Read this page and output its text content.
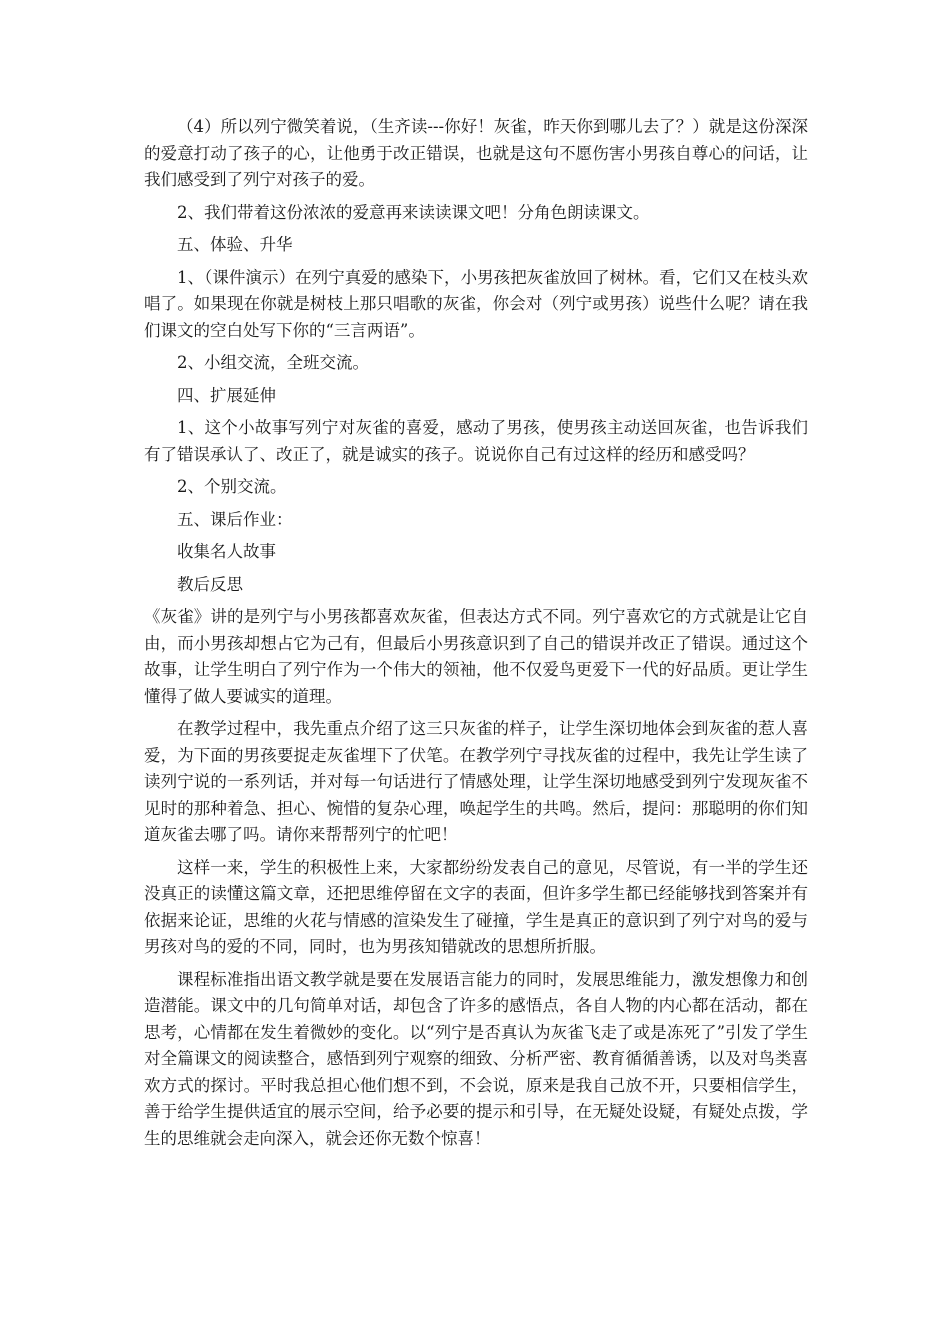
（4）所以列宁微笑着说，（生齐读---你好！灰雀，昨天你到哪儿去了？）就是这份深深的爱意打动了孩子的心，让他勇于改正错误，也就是这句不愿伤害小男孩自尊心的问话，让我们感受到了列宁对孩子的爱。

2、我们带着这份浓浓的爱意再来读读课文吧！分角色朗读课文。

五、体验、升华

1、（课件演示）在列宁真爱的感染下，小男孩把灰雀放回了树林。看，它们又在枝头欢唱了。如果现在你就是树枝上那只唱歌的灰雀，你会对（列宁或男孩）说些什么呢？请在我们课文的空白处写下你的“三言两语”。

2、小组交流，全班交流。

四、扩展延伸

1、这个小故事写列宁对灰雀的喜爱，感动了男孩，使男孩主动送回灰雀，也告诉我们有了错误承认了、改正了，就是诚实的孩子。说说你自己有过这样的经历和感受吗？

2、个别交流。

五、课后作业：

收集名人故事

教后反思

《灰雀》讲的是列宁与小男孩都喜欢灰雀，但表达方式不同。列宁喜欢它的方式就是让它自由，而小男孩却想占它为己有，但最后小男孩意识到了自己的错误并改正了错误。通过这个故事，让学生明白了列宁作为一个伟大的领袖，他不仅爱鸟更爱下一代的好品质。更让学生懂得了做人要诚实的道理。

在教学过程中，我先重点介绍了这三只灰雀的样子，让学生深切地体会到灰雀的惹人喜爱，为下面的男孩要捉走灰雀埋下了伏笔。在教学列宁寻找灰雀的过程中，我先让学生读了读列宁说的一系列话，并对每一句话进行了情感处理，让学生深切地感受到列宁发现灰雀不见时的那种着急、担心、惋惜的复杂心理，唤起学生的共鸣。然后，提问：那聪明的你们知道灰雀去哪了吗。请你来帮帮列宁的忙吧！

这样一来，学生的积极性上来，大家都纷纷发表自己的意见，尽管说，有一半的学生还没真正的读懂这篇文章，还把思维停留在文字的表面，但许多学生都已经能够找到答案并有依据来论证，思维的火花与情感的渲染发生了碰撞，学生是真正的意识到了列宁对鸟的爱与男孩对鸟的爱的不同，同时，也为男孩知错就改的思想所折服。

课程标准指出语文教学就是要在发展语言能力的同时，发展思维能力，激发想像力和创造潜能。课文中的几句简单对话，却包含了许多的感悟点，各自人物的内心都在活动，都在思考，心情都在发生着微妙的变化。以“列宁是否真认为灰雀飞走了或是冻死了”引发了学生对全篇课文的阅读整合，感悟到列宁观察的细致、分析严密、教育循循善诱，以及对鸟类喜欢方式的探讨。平时我总担心他们想不到，不会说，原来是我自己放不开，只要相信学生，善于给学生提供适宜的展示空间，给予必要的提示和引导，在无疑处设疑，有疑处点拨，学生的思维就会走向深入，就会还你无数个惊喜！
